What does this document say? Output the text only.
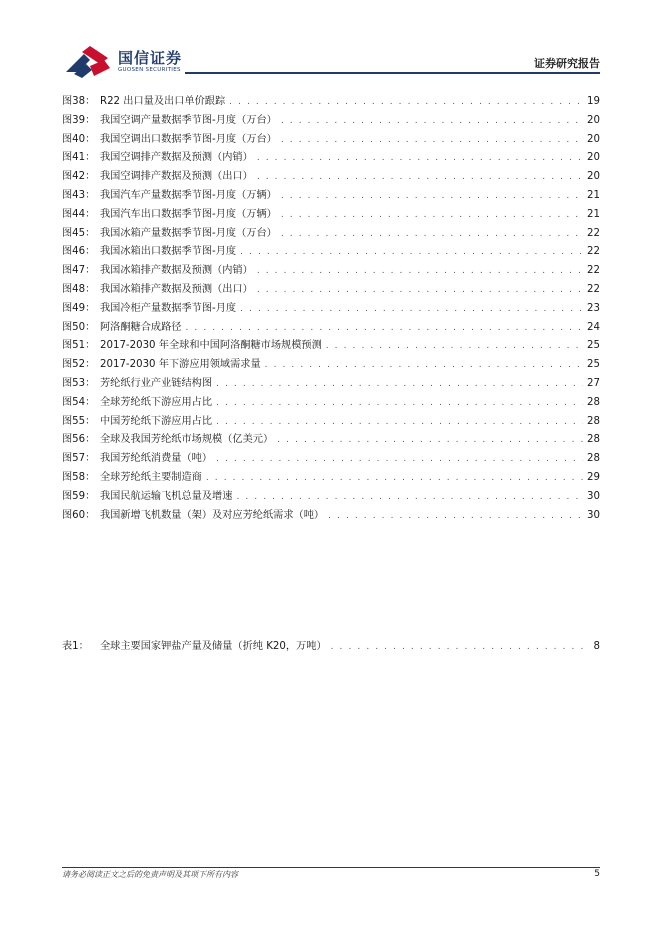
国信证券
GUOSEN SECURITIES	证券研究报告
图38： R22 出口量及出口单价跟踪 . . .	19
图39： 我国空调产量数据季节图-月度（万台） . . .	20
图40： 我国空调出口数据季节图-月度（万台） . . .	20
图41： 我国空调排产数据及预测（内销） . . .	20
图42： 我国空调排产数据及预测（出口） . . .	20
图43： 我国汽车产量数据季节图-月度（万辆） . . .	21
图44： 我国汽车出口数据季节图-月度（万辆） . . .	21
图45： 我国冰箱产量数据季节图-月度（万台） . . .	22
图46： 我国冰箱出口数据季节图-月度 . . .	22
图47： 我国冰箱排产数据及预测（内销） . . .	22
图48： 我国冰箱排产数据及预测（出口） . . .	22
图49： 我国冷柜产量数据季节图-月度 . . .	23
图50： 阿洛酮糖合成路径 . . .	24
图51： 2017-2030 年全球和中国阿洛酮糖市场规模预测 . . .	25
图52： 2017-2030 年下游应用领域需求量 . . .	25
图53： 芳纶纸行业产业链结构图 . . .	27
图54： 全球芳纶纸下游应用占比 . . .	28
图55： 中国芳纶纸下游应用占比 . . .	28
图56： 全球及我国芳纶纸市场规模（亿美元） . . .	28
图57： 我国芳纶纸消费量（吨） . . .	28
图58： 全球芳纶纸主要制造商 . . .	29
图59： 我国民航运输飞机总量及增速 . . .	30
图60： 我国新增飞机数量（架）及对应芳纶纸需求（吨） . . .	30
表1：	全球主要国家钾盐产量及储量（折纯 K20，万吨） . . .	8
请务必阅读正文之后的免责声明及其项下所有内容	5
